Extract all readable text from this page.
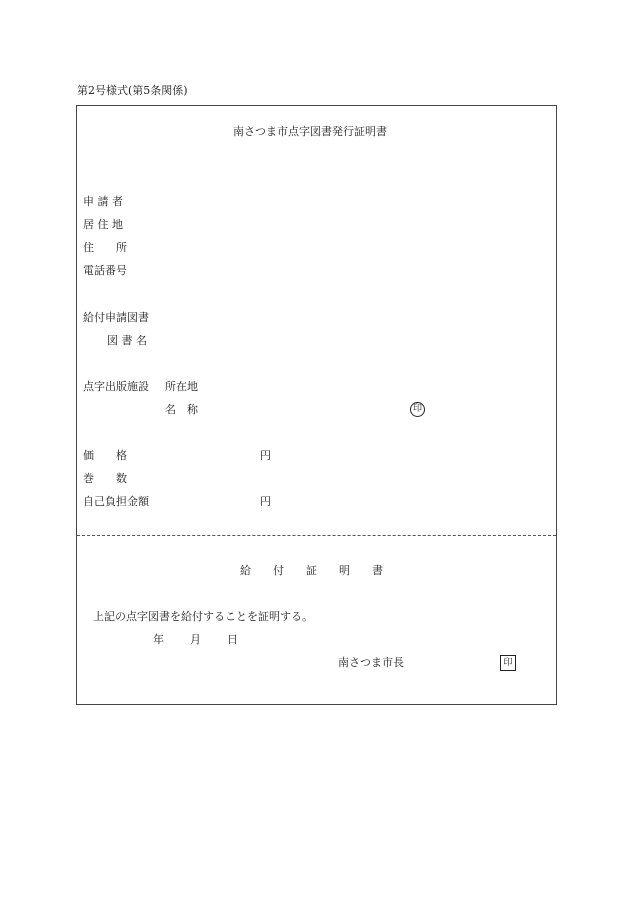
第2号様式(第5条関係)
南さつま市点字図書発行証明書
申 請 者
居 住 地
住　　所
電話番号
給付申請図書
図 書 名
点字出版施設 所在地
名　称	印
価　　格	円
巻　　数
自己負担金額	円
給　　付　　証　　明　　書
上記の点字図書を給付することを証明する。
年 月 日
南さつま市長	印
